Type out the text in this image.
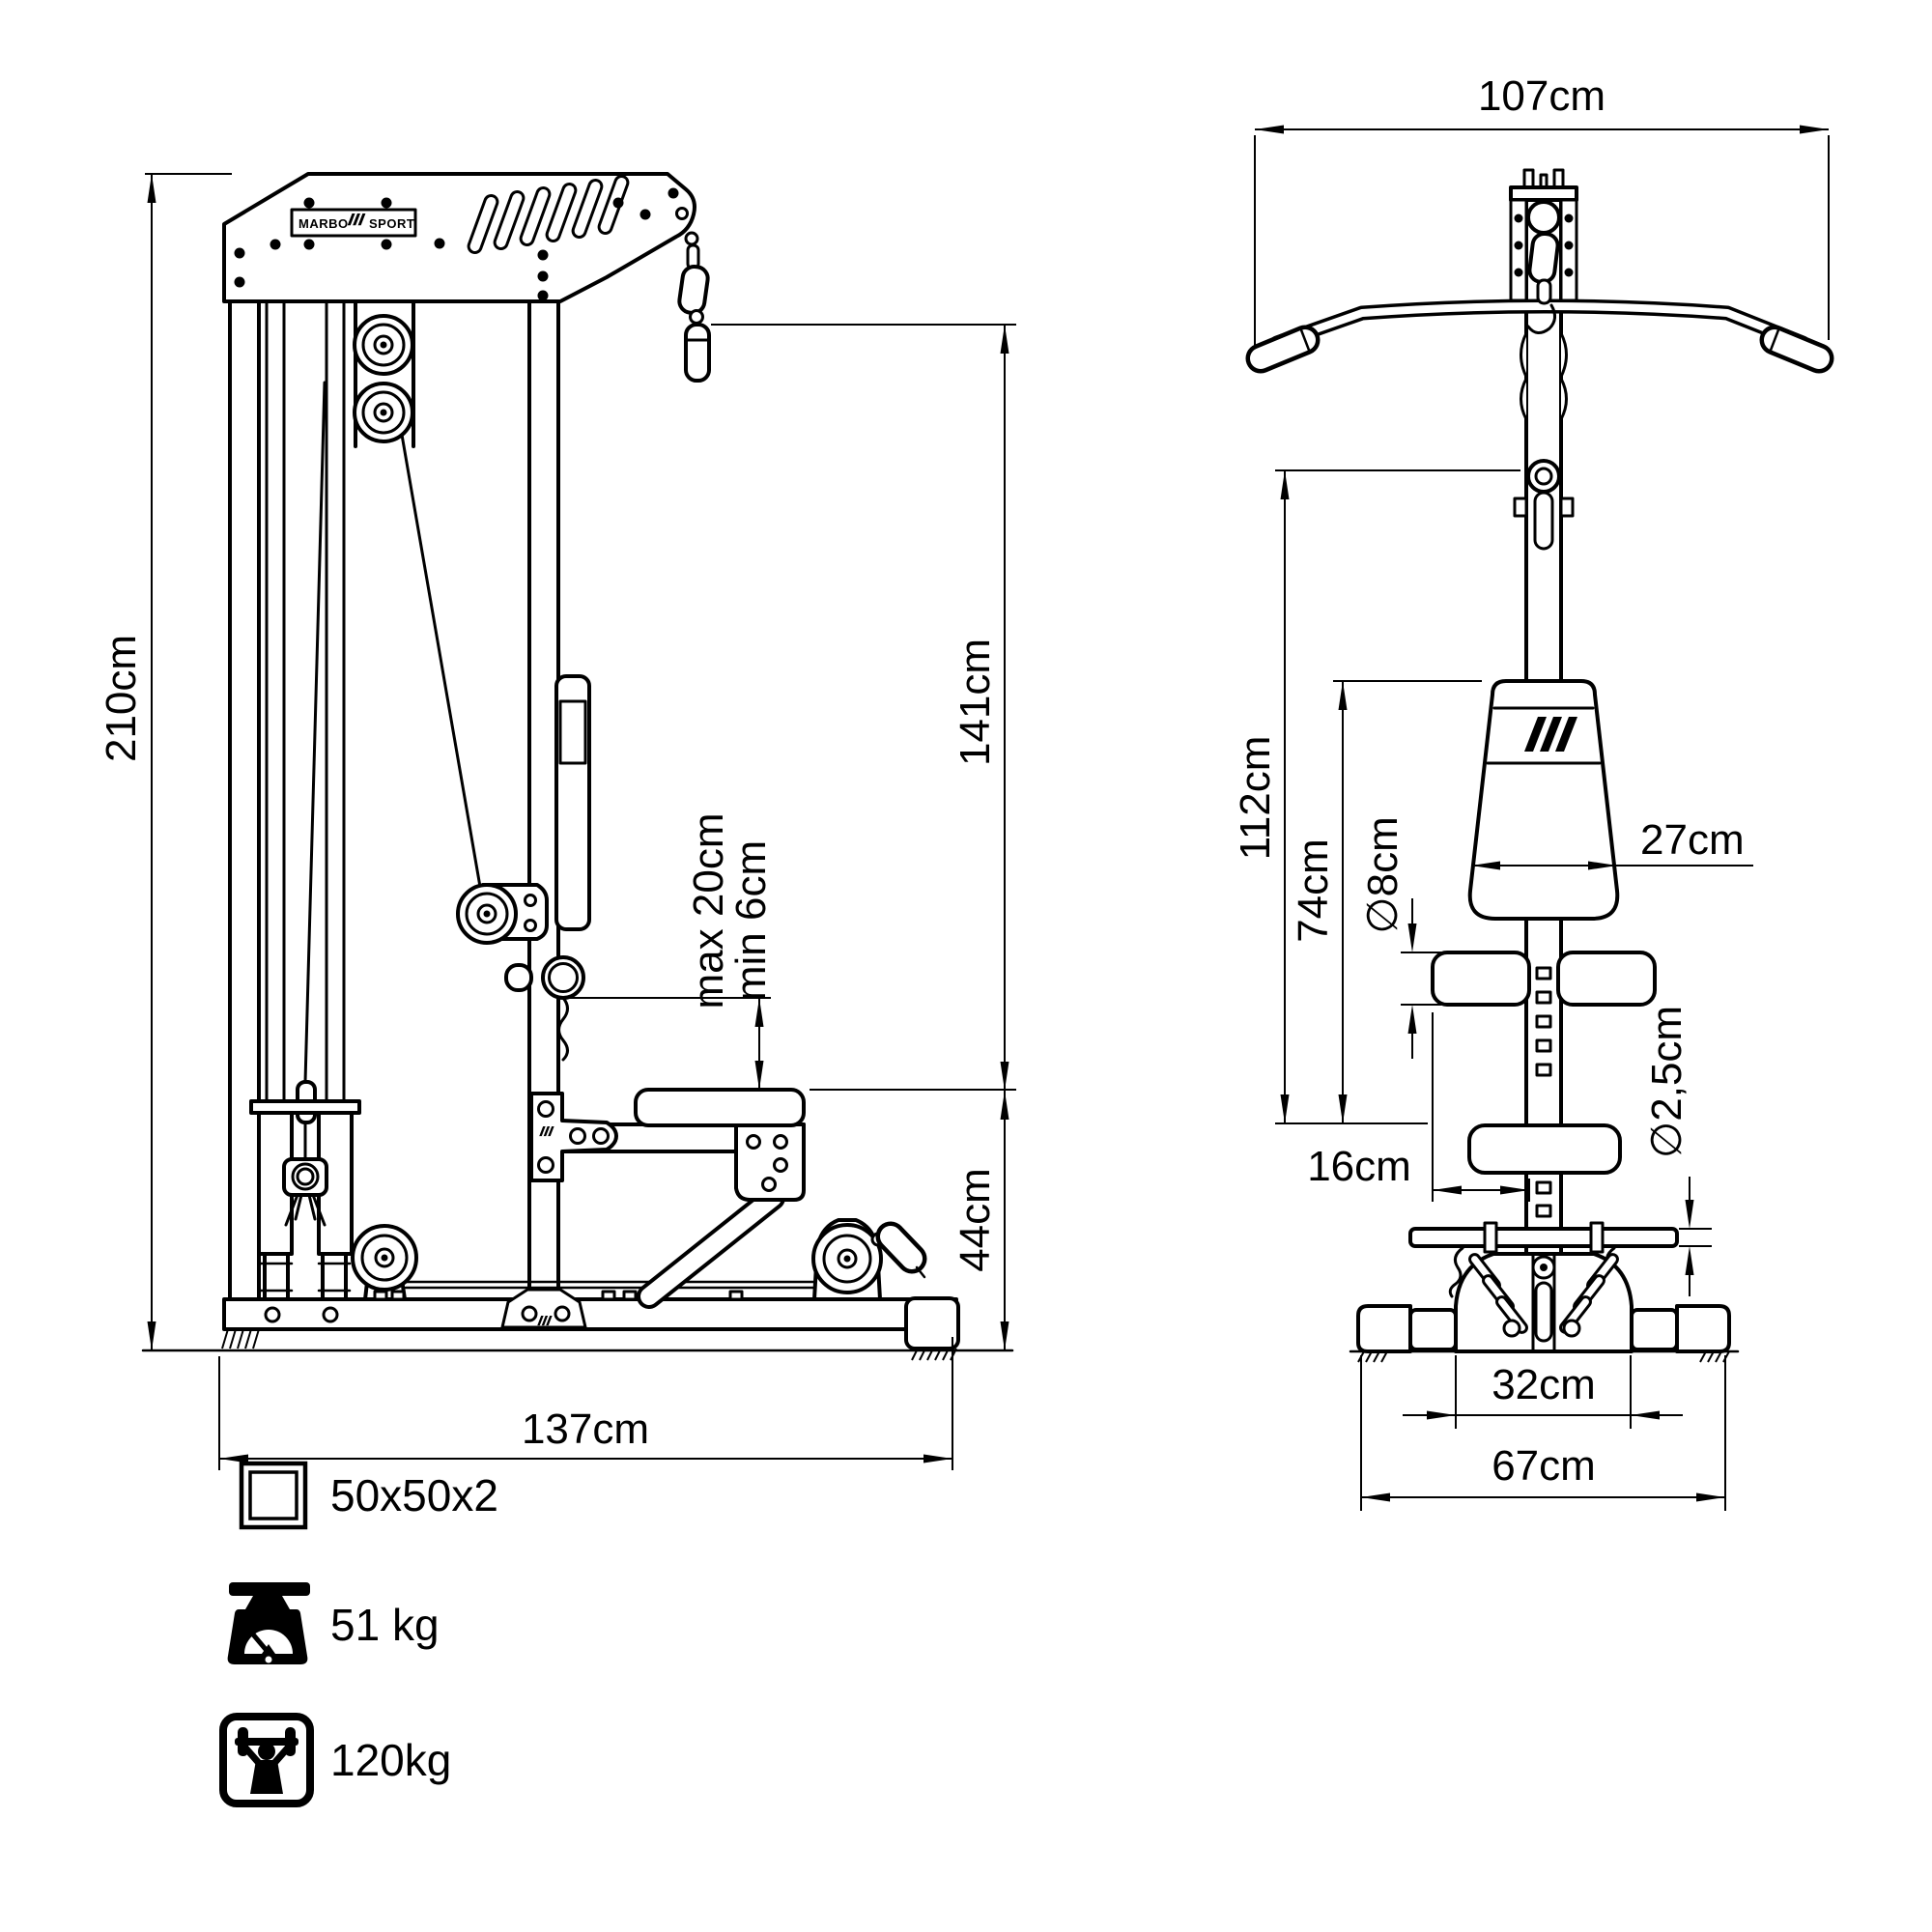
MARBO SPORT
210cm
137cm
141cm
44cm
max 20cm
min 6cm
107cm
112cm
74cm ∅8cm	27cm
16cm
∅2,5cm
32cm
67cm
50x50x2
51 kg
120kg
